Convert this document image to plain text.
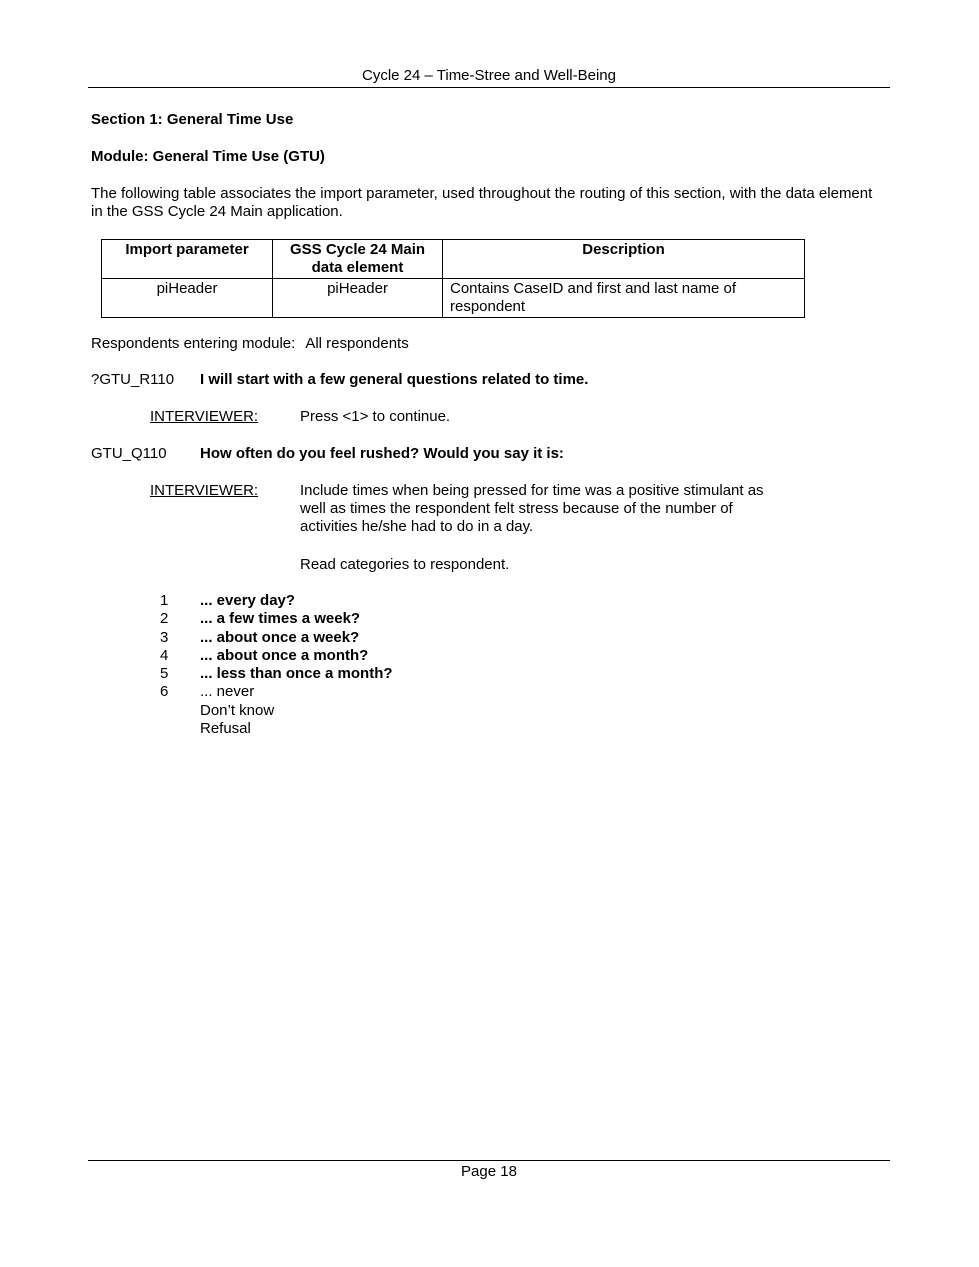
Cycle 24 – Time-Stree and Well-Being
Section 1: General Time Use
Module: General Time Use (GTU)
The following table associates the import parameter, used throughout the routing of this section, with the data element in the GSS Cycle 24 Main application.
Import parameter	GSS Cycle 24 Main data element	Description
piHeader	piHeader	Contains CaseID and first and last name of respondent
Respondents entering module: All respondents
?GTU_R110 I will start with a few general questions related to time.
INTERVIEWER:	Press <1> to continue.
GTU_Q110 How often do you feel rushed? Would you say it is:
INTERVIEWER:	Include times when being pressed for time was a positive stimulant as well as times the respondent felt stress because of the number of activities he/she had to do in a day.
Read categories to respondent.
1 ... every day?
2 ... a few times a week?
3 ... about once a week?
4 ... about once a month?
5 ... less than once a month?
6 ... never
Don’t know
Refusal
Page 18
